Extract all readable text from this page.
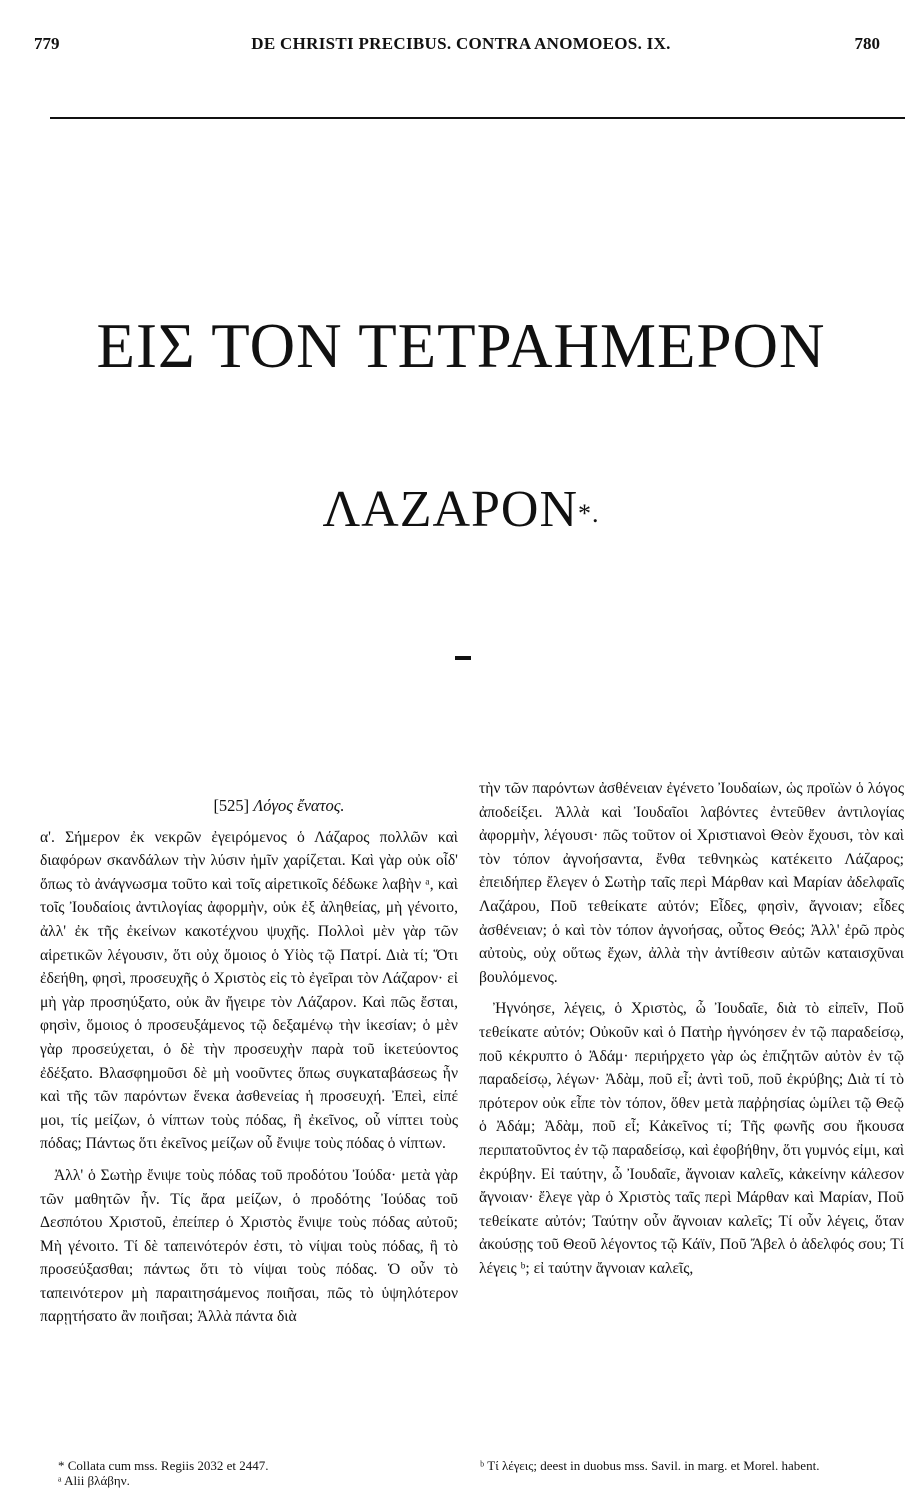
779	DE CHRISTI PRECIBUS. CONTRA ANOMOEOS. IX.	780
ΕΙΣ ΤΟΝ ΤΕΤΡΑΗΜΕΡΟΝ
ΛΑΖΑΡΟΝ*.
[525] Λόγος ἔνατος.

α'. Σήμερον ἐκ νεκρῶν ἐγειρόμενος ὁ Λάζαρος πολλῶν καὶ διαφόρων σκανδάλων τὴν λύσιν ἡμῖν χαρίζεται. Καὶ γὰρ οὐκ οἶδ' ὅπως τὸ ἀνάγνωσμα τοῦτο καὶ τοῖς αἱρετικοῖς δέδωκε λαβὴν ᵃ, καὶ τοῖς Ἰουδαίοις ἀντιλογίας ἀφορμὴν, οὐκ ἐξ ἀληθείας, μὴ γένοιτο, ἀλλ' ἐκ τῆς ἐκείνων κακοτέχνου ψυχῆς. Πολλοὶ μὲν γὰρ τῶν αἱρετικῶν λέγουσιν, ὅτι οὐχ ὅμοιος ὁ Υἱὸς τῷ Πατρί. Διὰ τί; Ὅτι ἐδεήθη, φησὶ, προσευχῆς ὁ Χριστὸς εἰς τὸ ἐγεῖραι τὸν Λάζαρον· εἰ μὴ γὰρ προσηύξατο, οὐκ ἂν ἤγειρε τὸν Λάζαρον. Καὶ πῶς ἔσται, φησὶν, ὅμοιος ὁ προσευξάμενος τῷ δεξαμένῳ τὴν ἱκεσίαν; ὁ μὲν γὰρ προσεύχεται, ὁ δὲ τὴν προσευχὴν παρὰ τοῦ ἱκετεύοντος ἐδέξατο. Βλασφημοῦσι δὲ μὴ νοοῦντες ὅπως συγκαταβάσεως ἦν καὶ τῆς τῶν παρόντων ἕνεκα ἀσθενείας ἡ προσευχή. Ἐπεὶ, εἰπέ μοι, τίς μείζων, ὁ νίπτων τοὺς πόδας, ἢ ἐκεῖνος, οὗ νίπτει τοὺς πόδας; Πάντως ὅτι ἐκεῖνος μείζων οὗ ἔνιψε τοὺς πόδας ὁ νίπτων.

Ἀλλ' ὁ Σωτὴρ ἔνιψε τοὺς πόδας τοῦ προδότου Ἰούδα· μετὰ γὰρ τῶν μαθητῶν ἦν. Τίς ἄρα μείζων, ὁ προδότης Ἰούδας τοῦ Δεσπότου Χριστοῦ, ἐπείπερ ὁ Χριστὸς ἔνιψε τοὺς πόδας αὐτοῦ; Μὴ γένοιτο. Τί δὲ ταπεινότερόν ἐστι, τὸ νίψαι τοὺς πόδας, ἢ τὸ προσεύξασθαι; πάντως ὅτι τὸ νίψαι τοὺς πόδας. Ὁ οὖν τὸ ταπεινότερον μὴ παραιτησάμενος ποιῆσαι, πῶς τὸ ὑψηλότερον παρῃτήσατο ἂν ποιῆσαι; Ἀλλὰ πάντα διὰ

τὴν τῶν παρόντων ἀσθένειαν ἐγένετο Ἰουδαίων, ὡς προϊὼν ὁ λόγος ἀποδείξει. Ἀλλὰ καὶ Ἰουδαῖοι λαβόντες ἐντεῦθεν ἀντιλογίας ἀφορμὴν, λέγουσι· πῶς τοῦτον οἱ Χριστιανοὶ Θεὸν ἔχουσι, τὸν καὶ τὸν τόπον ἀγνοήσαντα, ἔνθα τεθνηκὼς κατέκειτο Λάζαρος; ἐπειδήπερ ἔλεγεν ὁ Σωτὴρ ταῖς περὶ Μάρθαν καὶ Μαρίαν ἀδελφαῖς Λαζάρου, Ποῦ τεθείκατε αὐτόν; Εἶδες, φησὶν, ἄγνοιαν; εἶδες ἀσθένειαν; ὁ καὶ τὸν τόπον ἀγνοήσας, οὗτος Θεός; Ἀλλ' ἐρῶ πρὸς αὐτοὺς, οὐχ οὕτως ἔχων, ἀλλὰ τὴν ἀντίθεσιν αὐτῶν καταισχῦναι βουλόμενος.

Ἠγνόησε, λέγεις, ὁ Χριστὸς, ὦ Ἰουδαῖε, διὰ τὸ εἰπεῖν, Ποῦ τεθείκατε αὐτόν; Οὐκοῦν καὶ ὁ Πατὴρ ἠγνόησεν ἐν τῷ παραδείσῳ, ποῦ κέκρυπτο ὁ Ἀδάμ· περιήρχετο γὰρ ὡς ἐπιζητῶν αὐτὸν ἐν τῷ παραδείσῳ, λέγων· Ἀδὰμ, ποῦ εἶ; ἀντὶ τοῦ, ποῦ ἐκρύβης; Διὰ τί τὸ πρότερον οὐκ εἶπε τὸν τόπον, ὅθεν μετὰ παῤῥησίας ὡμίλει τῷ Θεῷ ὁ Ἀδάμ; Ἀδὰμ, ποῦ εἶ; Κἀκεῖνος τί; Τῆς φωνῆς σου ἤκουσα περιπατοῦντος ἐν τῷ παραδείσῳ, καὶ ἐφοβήθην, ὅτι γυμνός εἰμι, καὶ ἐκρύβην. Εἰ ταύτην, ὦ Ἰουδαῖε, ἄγνοιαν καλεῖς, κἀκείνην κάλεσον ἄγνοιαν· ἔλεγε γὰρ ὁ Χριστὸς ταῖς περὶ Μάρθαν καὶ Μαρίαν, Ποῦ τεθείκατε αὐτόν; Ταύτην οὖν ἄγνοιαν καλεῖς; Τί οὖν λέγεις, ὅταν ἀκούσῃς τοῦ Θεοῦ λέγοντος τῷ Κάϊν, Ποῦ Ἄβελ ὁ ἀδελφός σου; Τί λέγεις ᵇ; εἰ ταύτην ἄγνοιαν καλεῖς,

* Collata cum mss. Regiis 2032 et 2447.
ᵃ Alii βλάβην.
ᵇ Τί λέγεις; deest in duobus mss. Savil. in marg. et Morel. habent.
